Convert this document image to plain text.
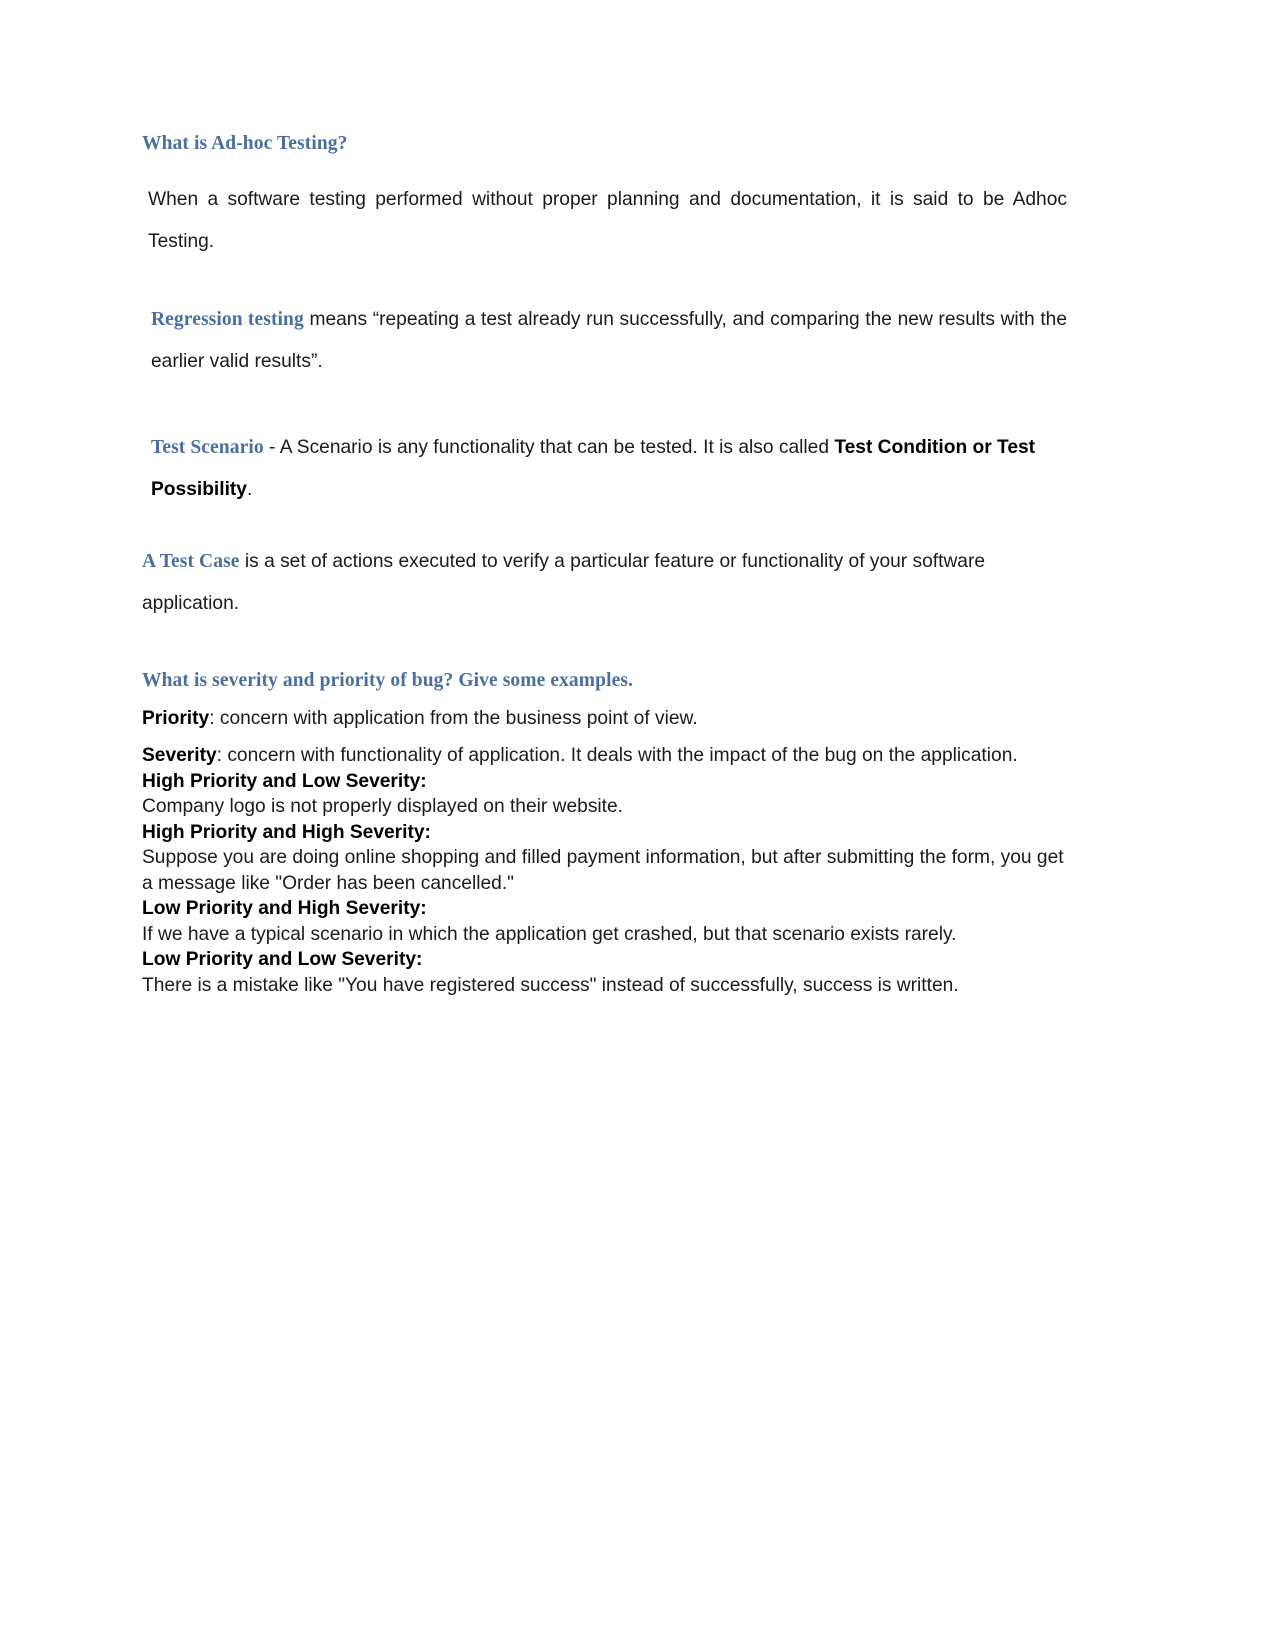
What is Ad-hoc Testing?

When a software testing performed without proper planning and documentation, it is said to be Adhoc Testing.

Regression testing means “repeating a test already run successfully, and comparing the new results with the earlier valid results”.

Test Scenario - A Scenario is any functionality that can be tested. It is also called Test Condition or Test Possibility.

A Test Case is a set of actions executed to verify a particular feature or functionality of your software application.

What is severity and priority of bug? Give some examples.

Priority: concern with application from the business point of view.

Severity: concern with functionality of application. It deals with the impact of the bug on the application.

High Priority and Low Severity:

Company logo is not properly displayed on their website.

High Priority and High Severity:

Suppose you are doing online shopping and filled payment information, but after submitting the form, you get a message like "Order has been cancelled."

Low Priority and High Severity:

If we have a typical scenario in which the application get crashed, but that scenario exists rarely.

Low Priority and Low Severity:

There is a mistake like "You have registered success" instead of successfully, success is written.
